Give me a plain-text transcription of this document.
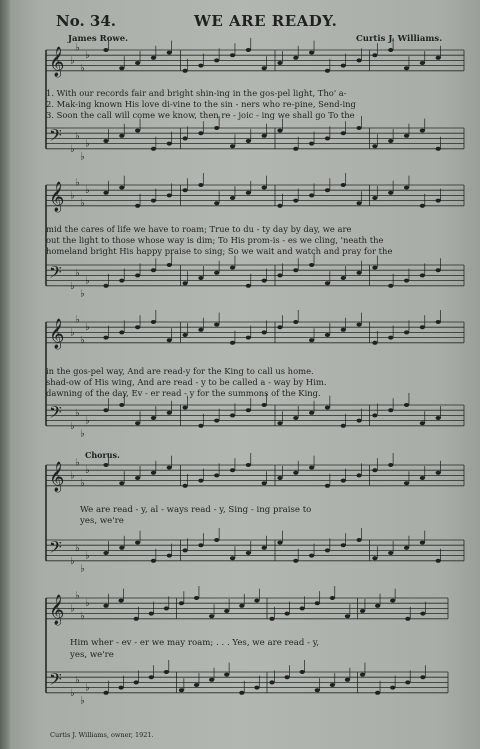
No. 34.	WE ARE READY.
James Rowe.	Curtis J. Williams.
𝄞
𝄢
♭
♭
♭
♭
♭
♭
♭
♭
𝄞
𝄢
♭
♭
♭
♭
♭
♭
♭
♭
𝄞
𝄢
♭
♭
♭
♭
♭
♭
♭
♭
𝄞
𝄢
♭
♭
♭
♭
♭
♭
♭
♭
𝄞
𝄢
♭
♭
♭
♭
♭
♭
♭
♭
1. With our records fair and bright shin-ing in the gos-pel light, Tho' a-
2. Mak-ing known His love di-vine to the sin - ners who re-pine, Send-ing
3. Soon the call will come we know, then re - joic - ing we shall go To the
mid the cares of life we have to roam; True to du - ty day by day, we are
out the light to those whose way is dim; To His prom-is - es we cling, 'neath the
homeland bright His happy praise to sing; So we wait and watch and pray for the
in the gos-pel way, And are read-y for the King to call us home.
shad-ow of His wing, And are read - y to be called a - way by Him.
dawning of the day, Ev - er read - y for the summons of the King.
Chorus.
We are read - y, al - ways read - y, Sing - ing praise to
yes, we're
Him wher - ev - er we may roam; . . . Yes, we are read - y,
yes, we're
Curtis J. Williams, owner, 1921.
